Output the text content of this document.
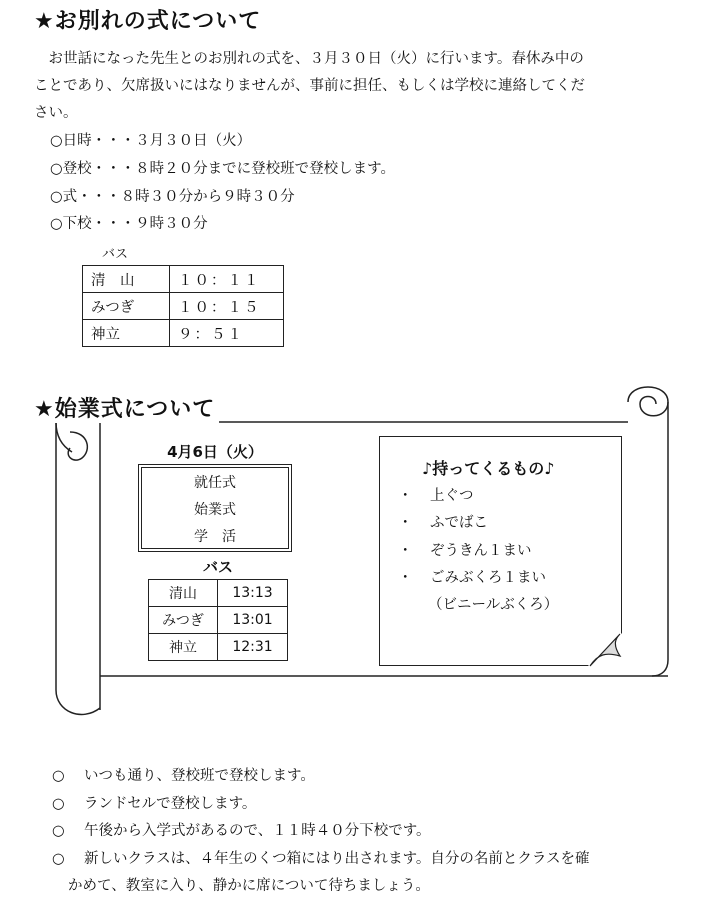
★お別れの式について
　お世話になった先生とのお別れの式を、３月３０日（火）に行います。春休み中の
ことであり、欠席扱いにはなりませんが、事前に担任、もしくは学校に連絡してくだ
さい。
○日時・・・３月３０日（火）
○登校・・・８時２０分までに登校班で登校します。
○式・・・８時３０分から９時３０分
○下校・・・９時３０分
バス
清　山	１０：１１
みつぎ	１０：１５
神立	９：５１
★始業式について
4月6日（火）
就任式
始業式
学　活
バス
清山	13:13
みつぎ	13:01
神立	12:31
♪持ってくるもの♪
・ 上ぐつ
・ ふでばこ
・ ぞうきん１まい
・ ごみぶくろ１まい
（ビニールぶくろ）
○ いつも通り、登校班で登校します。
○ ランドセルで登校します。
○ 午後から入学式があるので、１１時４０分下校です。
○ 新しいクラスは、４年生のくつ箱にはり出されます。自分の名前とクラスを確
かめて、教室に入り、静かに席について待ちましょう。
